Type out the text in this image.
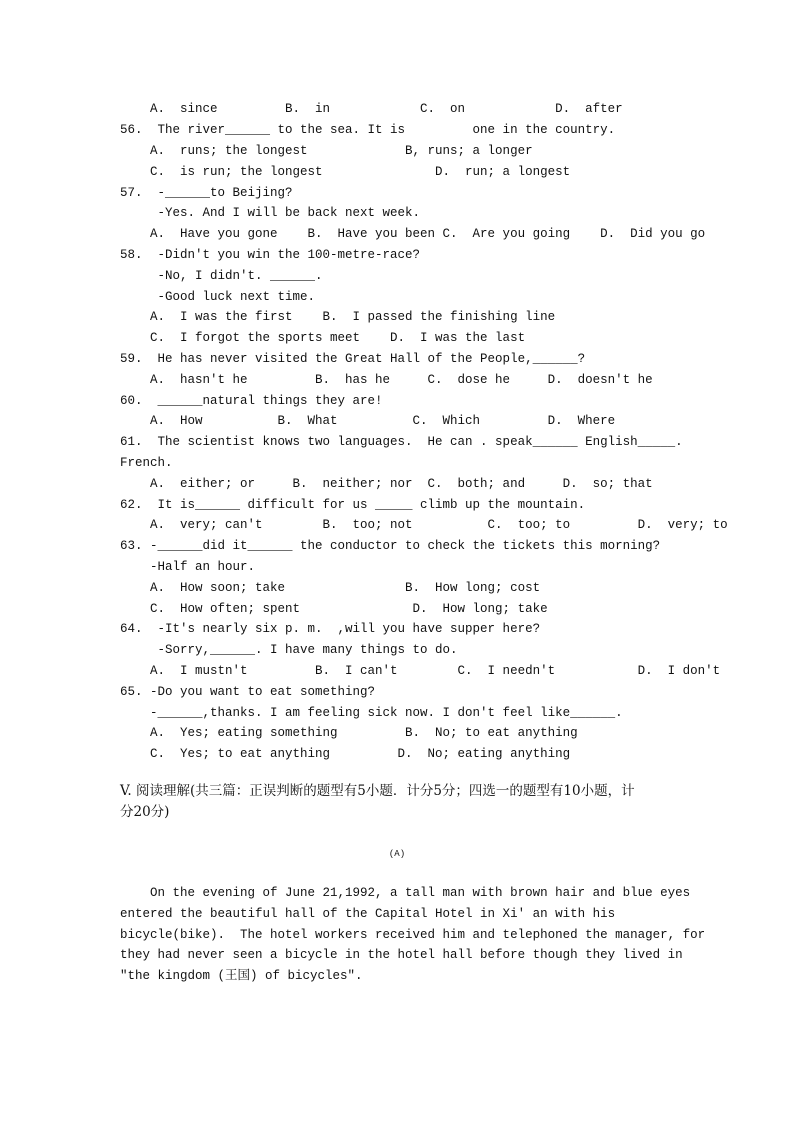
A.  since         B.  in            C.  on            D.  after
56.  The river______ to the sea. It is         one in the country.
A.  runs; the longest             B, runs; a longer
C.  is run; the longest               D.  run; a longest
57.  -______to Beijing?
-Yes. And I will be back next week.
A.  Have you gone    B.  Have you been C.  Are you going    D.  Did you go
58.  -Didn't you win the 100-metre-race?
-No, I didn't. ______.
-Good luck next time.
A.  I was the first    B.  I passed the finishing line
C.  I forgot the sports meet    D.  I was the last
59.  He has never visited the Great Hall of the People,______?
A.  hasn't he         B.  has he     C.  dose he     D.  doesn't he
60.  ______natural things they are!
A.  How          B.  What          C.  Which         D.  Where
61.  The scientist knows two languages.  He can . speak______ English_____.
French.
A.  either; or     B.  neither; nor  C.  both; and     D.  so; that
62.  It is______ difficult for us _____ climb up the mountain.
A.  very; can't        B.  too; not          C.  too; to         D.  very; to
63. -______did it______ the conductor to check the tickets this morning?
-Half an hour.
A.  How soon; take                B.  How long; cost
C.  How often; spent               D.  How long; take
64.  -It's nearly six p. m.  ,will you have supper here?
-Sorry,______. I have many things to do.
A.  I mustn't         B.  I can't        C.  I needn't           D.  I don't
65. -Do you want to eat something?
-______,thanks. I am feeling sick now. I don't feel like______.
A.  Yes; eating something         B.  No; to eat anything
C.  Yes; to eat anything         D.  No; eating anything
V. 阅读理解(共三篇：正误判断的题型有5小题．计分5分；四选一的题型有10小题，计
分20分)
(A)
On the evening of June 21,1992, a tall man with brown hair and blue eyes
entered the beautiful hall of the Capital Hotel in Xi' an with his
bicycle(bike).  The hotel workers received him and telephoned the manager, for
they had never seen a bicycle in the hotel hall before though they lived in
"the kingdom (王国) of bicycles".
